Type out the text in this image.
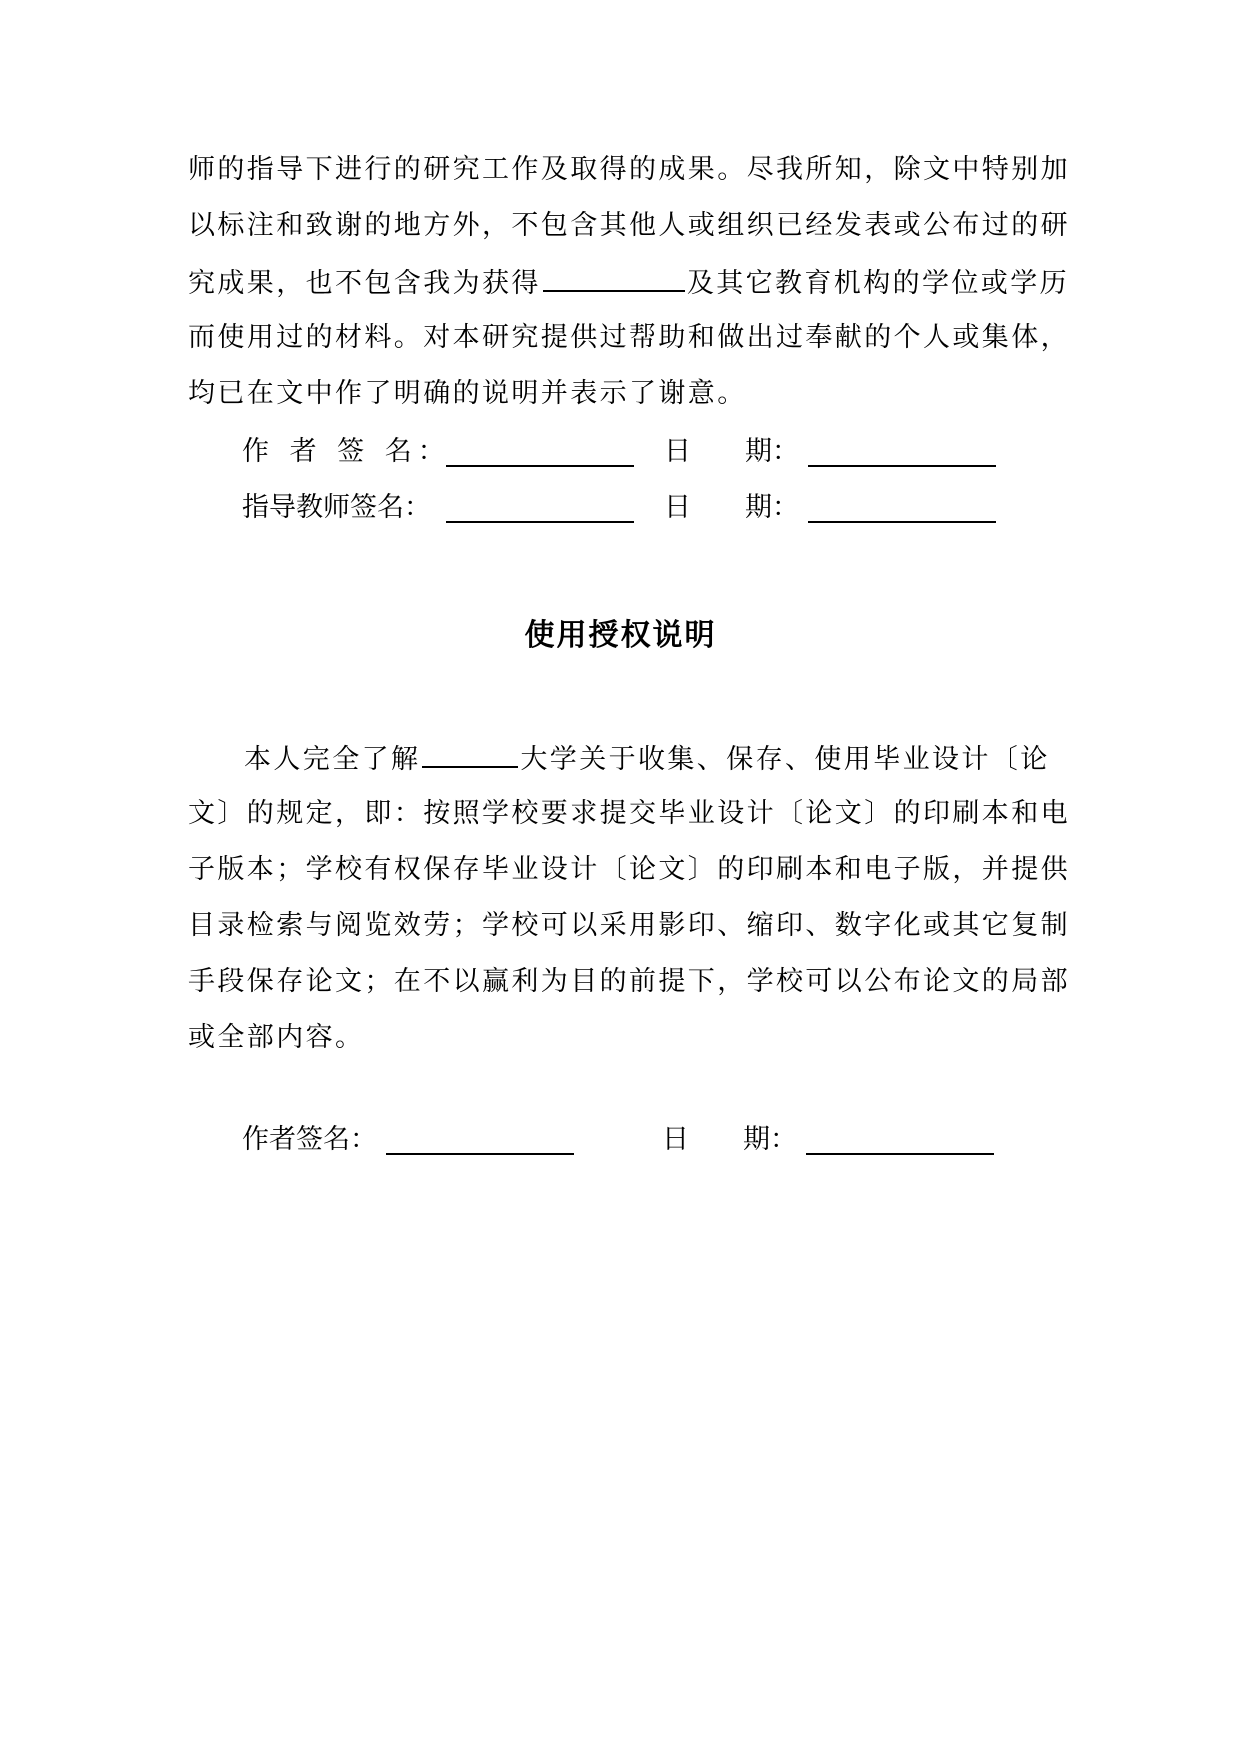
师的指导下进行的研究工作及取得的成果。尽我所知，除文中特别加
以标注和致谢的地方外，不包含其他人或组织已经发表或公布过的研
究成果，也不包含我为获得	及其它教育机构的学位或学历
而使用过的材料。对本研究提供过帮助和做出过奉献的个人或集体，
均已在文中作了明确的说明并表示了谢意。
作 者 签 名：	日　　期：
指导教师签名：	日　　期：
使用授权说明
本人完全了解	大学关于收集、保存、使用毕业设计〔论
文〕的规定，即：按照学校要求提交毕业设计〔论文〕的印刷本和电
子版本；学校有权保存毕业设计〔论文〕的印刷本和电子版，并提供
目录检索与阅览效劳；学校可以采用影印、缩印、数字化或其它复制
手段保存论文；在不以赢利为目的前提下，学校可以公布论文的局部
或全部内容。
作者签名：	日　　期：
